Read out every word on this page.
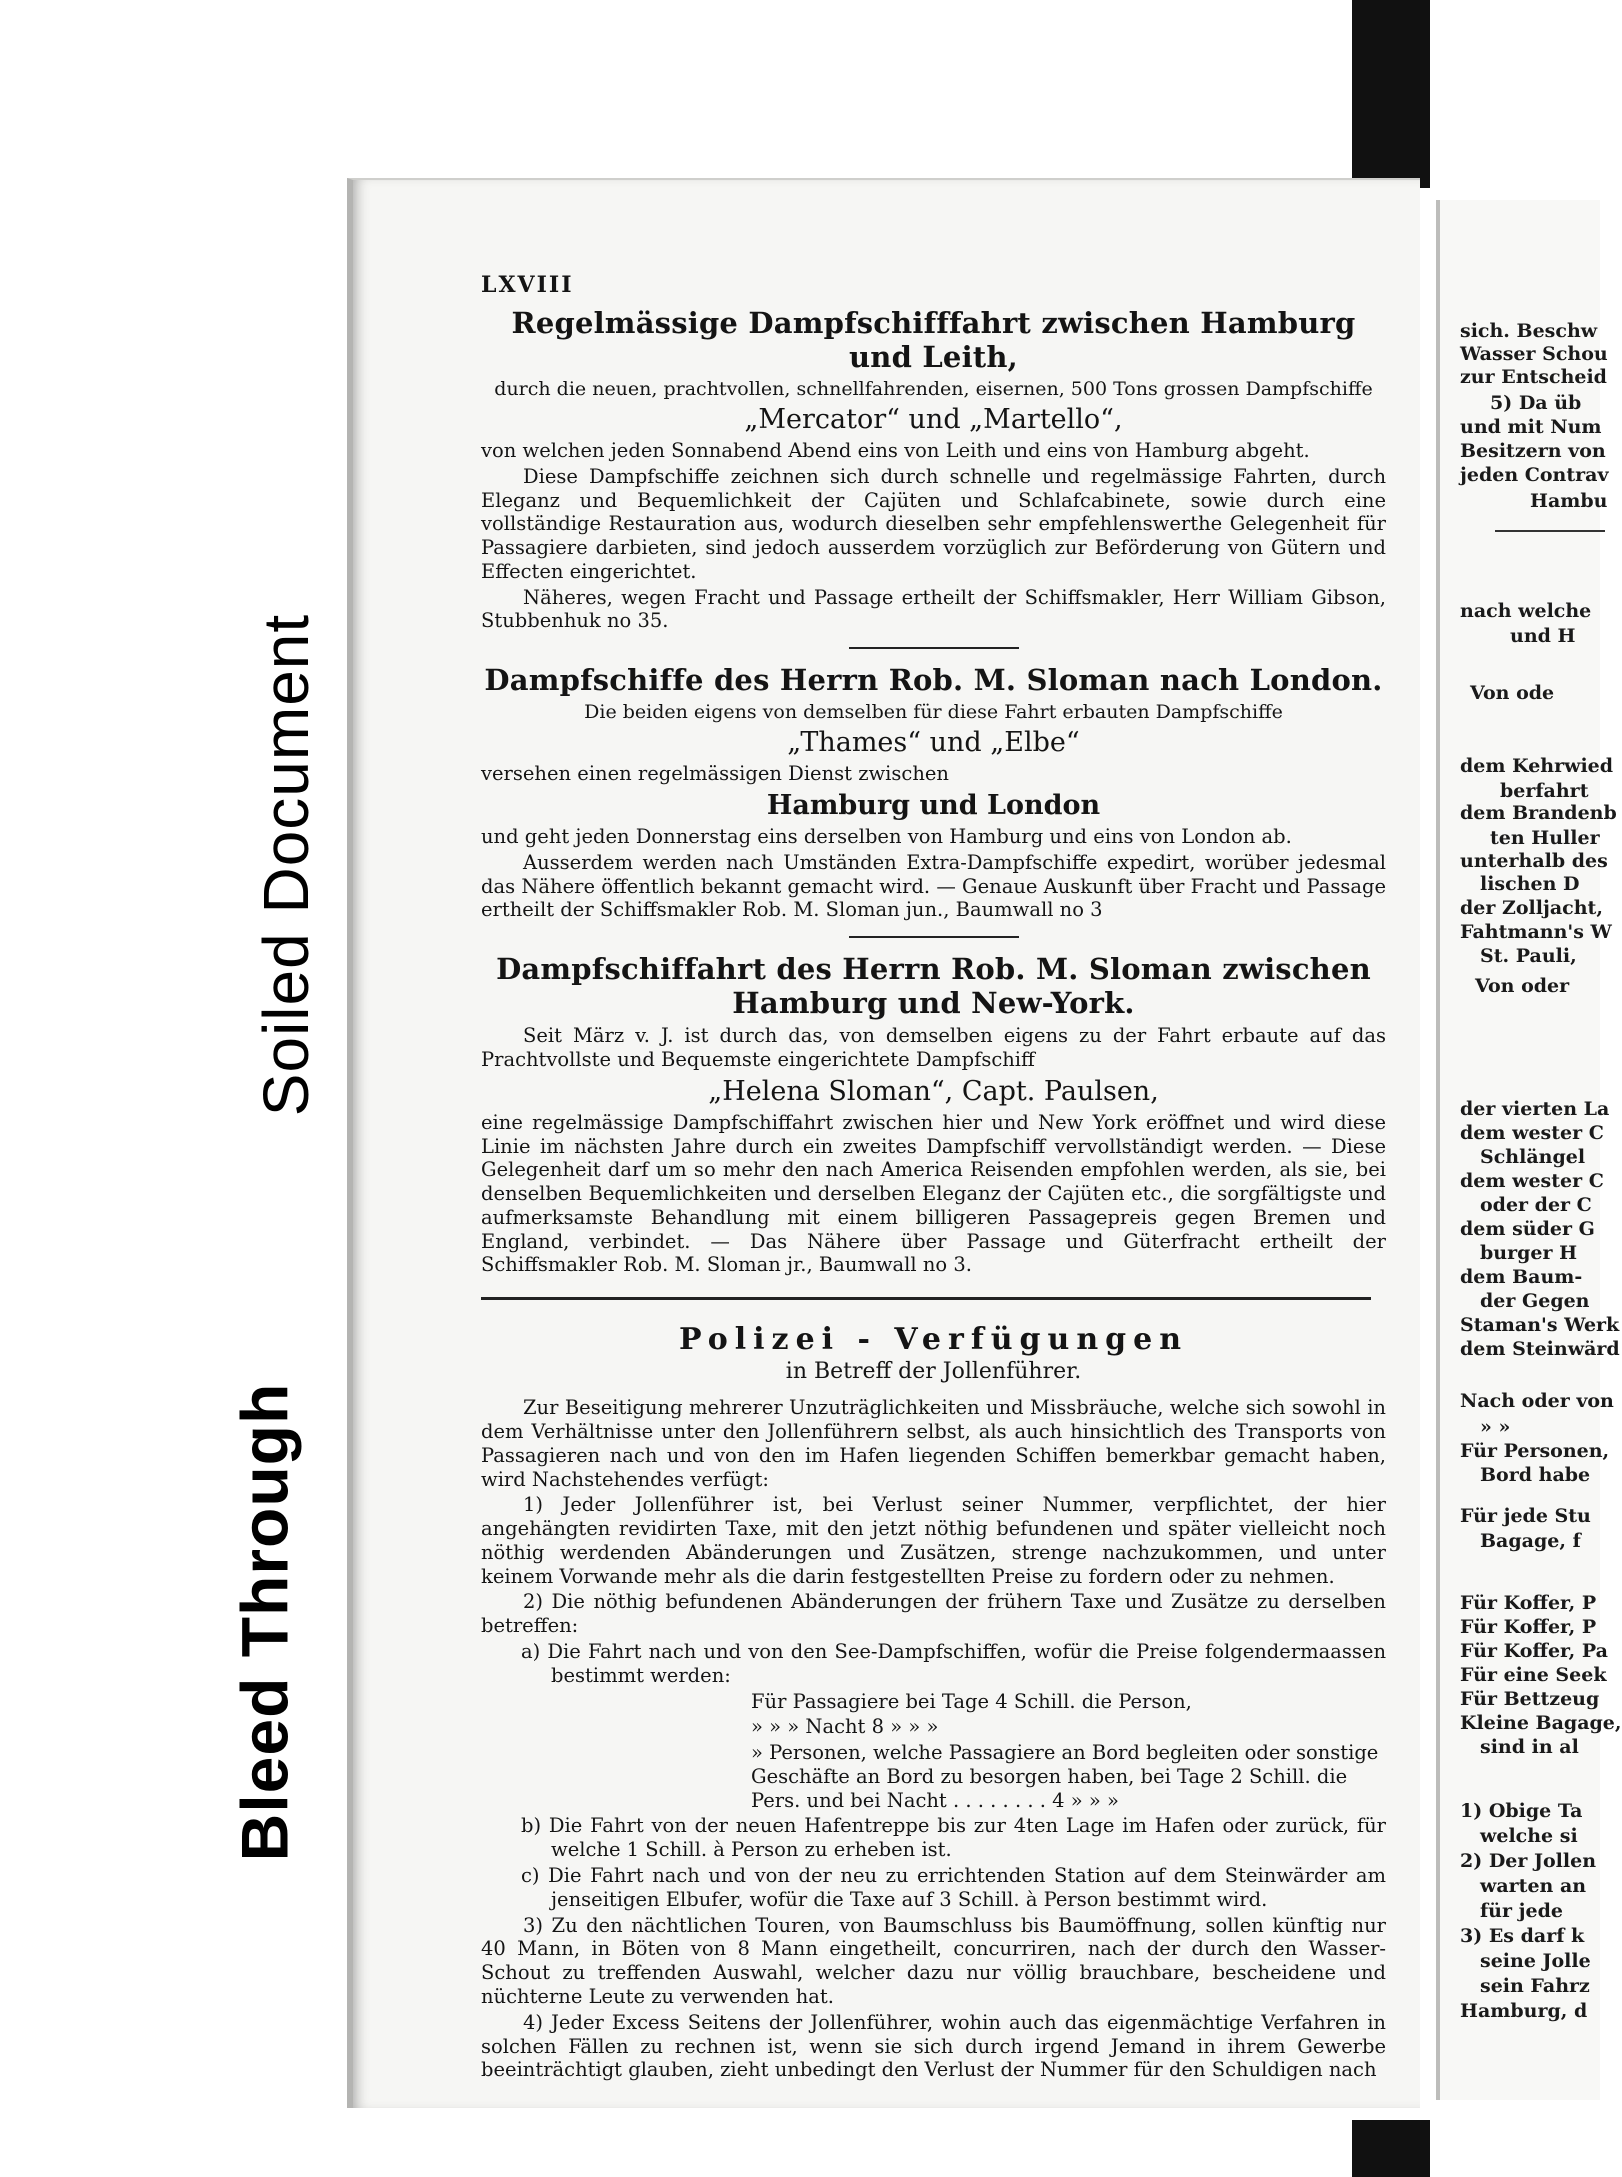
Soiled Document
Bleed Through
LXVIII
Regelmässige Dampfschifffahrt zwischen Hamburg und Leith,
durch die neuen, prachtvollen, schnellfahrenden, eisernen, 500 Tons grossen Dampfschiffe
„Mercator“ und „Martello“,
von welchen jeden Sonnabend Abend eins von Leith und eins von Hamburg abgeht.
Diese Dampfschiffe zeichnen sich durch schnelle und regelmässige Fahrten, durch Eleganz und Bequemlichkeit der Cajüten und Schlafcabinete, sowie durch eine vollständige Restauration aus, wodurch dieselben sehr empfehlenswerthe Gelegenheit für Passagiere darbieten, sind jedoch ausserdem vorzüglich zur Beförderung von Gütern und Effecten eingerichtet.
Näheres, wegen Fracht und Passage ertheilt der Schiffsmakler, Herr William Gibson, Stubbenhuk no 35.
Dampfschiffe des Herrn Rob. M. Sloman nach London.
Die beiden eigens von demselben für diese Fahrt erbauten Dampfschiffe
„Thames“ und „Elbe“
versehen einen regelmässigen Dienst zwischen
Hamburg und London
und geht jeden Donnerstag eins derselben von Hamburg und eins von London ab.
Ausserdem werden nach Umständen Extra-Dampfschiffe expedirt, worüber jedesmal das Nähere öffentlich bekannt gemacht wird. — Genaue Auskunft über Fracht und Passage ertheilt der Schiffsmakler Rob. M. Sloman jun., Baumwall no 3
Dampfschiffahrt des Herrn Rob. M. Sloman zwischen Hamburg und New-York.
Seit März v. J. ist durch das, von demselben eigens zu der Fahrt erbaute auf das Prachtvollste und Bequemste eingerichtete Dampfschiff
„Helena Sloman“, Capt. Paulsen,
eine regelmässige Dampfschiffahrt zwischen hier und New York eröffnet und wird diese Linie im nächsten Jahre durch ein zweites Dampfschiff vervollständigt werden. — Diese Gelegenheit darf um so mehr den nach America Reisenden empfohlen werden, als sie, bei denselben Bequemlichkeiten und derselben Eleganz der Cajüten etc., die sorgfältigste und aufmerksamste Behandlung mit einem billigeren Passagepreis gegen Bremen und England, verbindet. — Das Nähere über Passage und Güterfracht ertheilt der Schiffsmakler Rob. M. Sloman jr., Baumwall no 3.
Polizei - Verfügungen
in Betreff der Jollenführer.
Zur Beseitigung mehrerer Unzuträglichkeiten und Missbräuche, welche sich sowohl in dem Verhältnisse unter den Jollenführern selbst, als auch hinsichtlich des Transports von Passagieren nach und von den im Hafen liegenden Schiffen bemerkbar gemacht haben, wird Nachstehendes verfügt:
1) Jeder Jollenführer ist, bei Verlust seiner Nummer, verpflichtet, der hier angehängten revidirten Taxe, mit den jetzt nöthig befundenen und später vielleicht noch nöthig werdenden Abänderungen und Zusätzen, strenge nachzukommen, und unter keinem Vorwande mehr als die darin festgestellten Preise zu fordern oder zu nehmen.
2) Die nöthig befundenen Abänderungen der frühern Taxe und Zusätze zu derselben betreffen:
a) Die Fahrt nach und von den See-Dampfschiffen, wofür die Preise folgendermaassen bestimmt werden:
Für Passagiere bei Tage 4 Schill. die Person,
» » » Nacht 8 » » »
» Personen, welche Passagiere an Bord begleiten oder sonstige Geschäfte an Bord zu besorgen haben, bei Tage 2 Schill. die Pers. und bei Nacht . . . . . . . . 4 » » »
b) Die Fahrt von der neuen Hafentreppe bis zur 4ten Lage im Hafen oder zurück, für welche 1 Schill. à Person zu erheben ist.
c) Die Fahrt nach und von der neu zu errichtenden Station auf dem Steinwärder am jenseitigen Elbufer, wofür die Taxe auf 3 Schill. à Person bestimmt wird.
3) Zu den nächtlichen Touren, von Baumschluss bis Baumöffnung, sollen künftig nur 40 Mann, in Böten von 8 Mann eingetheilt, concurriren, nach der durch den Wasser-Schout zu treffenden Auswahl, welcher dazu nur völlig brauchbare, bescheidene und nüchterne Leute zu verwenden hat.
4) Jeder Excess Seitens der Jollenführer, wohin auch das eigenmächtige Verfahren in solchen Fällen zu rechnen ist, wenn sie sich durch irgend Jemand in ihrem Gewerbe beeinträchtigt glauben, zieht unbedingt den Verlust der Nummer für den Schuldigen nach
sich. Beschw
Wasser Schou
zur Entscheid
5) Da üb
und mit Num
Besitzern von
jeden Contrav
Hambu
nach welche
und H
Von ode
dem Kehrwied
berfahrt
dem Brandenb
ten Huller
unterhalb des
lischen D
der Zolljacht,
Fahtmann's W
St. Pauli,
Von oder
der vierten La
dem wester C
Schlängel
dem wester C
oder der C
dem süder G
burger H
dem Baum-
der Gegen
Staman's Werk
dem Steinwärd
Nach oder von
» »
Für Personen,
Bord habe
Für jede Stu
Bagage, f
Für Koffer, P
Für Koffer, P
Für Koffer, Pa
Für eine Seek
Für Bettzeug
Kleine Bagage,
sind in al
1) Obige Ta
welche si
2) Der Jollen
warten an
für jede
3) Es darf k
seine Jolle
sein Fahrz
Hamburg, d
